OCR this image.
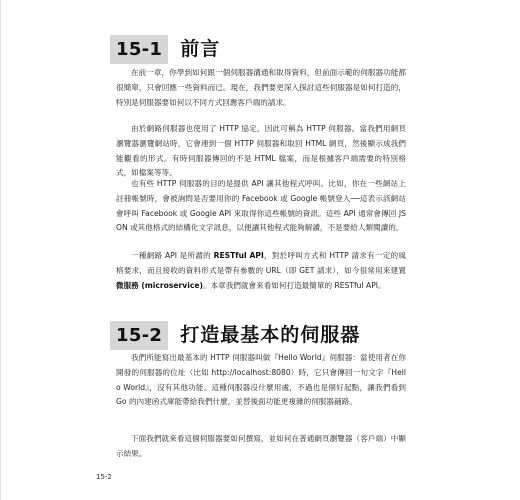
15-1 前言

在前一章，你學到如何跟一個伺服器溝通和取得資料，但前面示範的伺服器功能都很簡單，只會回應一些資料而已。現在，我們要更深入探討這些伺服器是如何打造的，特別是伺服器要如何以不同方式回應客戶端的請求。

由於網路伺服器也使用了 HTTP 協定，因此可稱為 HTTP 伺服器。當我們用網頁瀏覽器瀏覽網站時，它會連到一個 HTTP 伺服器和取回 HTML 網頁，然後顯示成我們能觀看的形式。有時伺服器傳回的不是 HTML 檔案，而是根據客戶端需要的特別格式，如檔案等等。

也有些 HTTP 伺服器的目的是提供 API 讓其他程式呼叫。比如，你在一些網站上註冊帳號時，會被詢問是否要用你的 Facebook 或 Google 帳號登入──這表示該網站會呼叫 Facebook 或 Google API 來取得你這些帳號的資訊。這些 API 通常會傳回 JSON 或其他格式的結構化文字訊息，以便讓其他程式能夠解讀，不是要給人類閱讀的。

一種網路 API 是所謂的 RESTful API，對於呼叫方式和 HTTP 請求有一定的風格要求，而且接收的資料形式是帶有參數的 URL（即 GET 請求），如今很常用來建置微服務 (microservice)。本章我們就會來看如何打造最簡單的 RESTful API。

15-2 打造最基本的伺服器

我們所能寫出最基本的 HTTP 伺服器叫做『Hello World』伺服器：當使用者在你開發的伺服器的位址（比如 http://localhost:8080）時，它只會傳回一句文字『Hello World』，沒有其他功能。這種伺服器沒什麼用處，不過也是個好起點，讓我們看到 Go 的內建函式庫能帶給我們什麼，並替後面功能更複雜的伺服器鋪路。

下面我們就來看這個伺服器要如何撰寫，並如何在普通網頁瀏覽器（客戶端）中顯示結果。

15-2
